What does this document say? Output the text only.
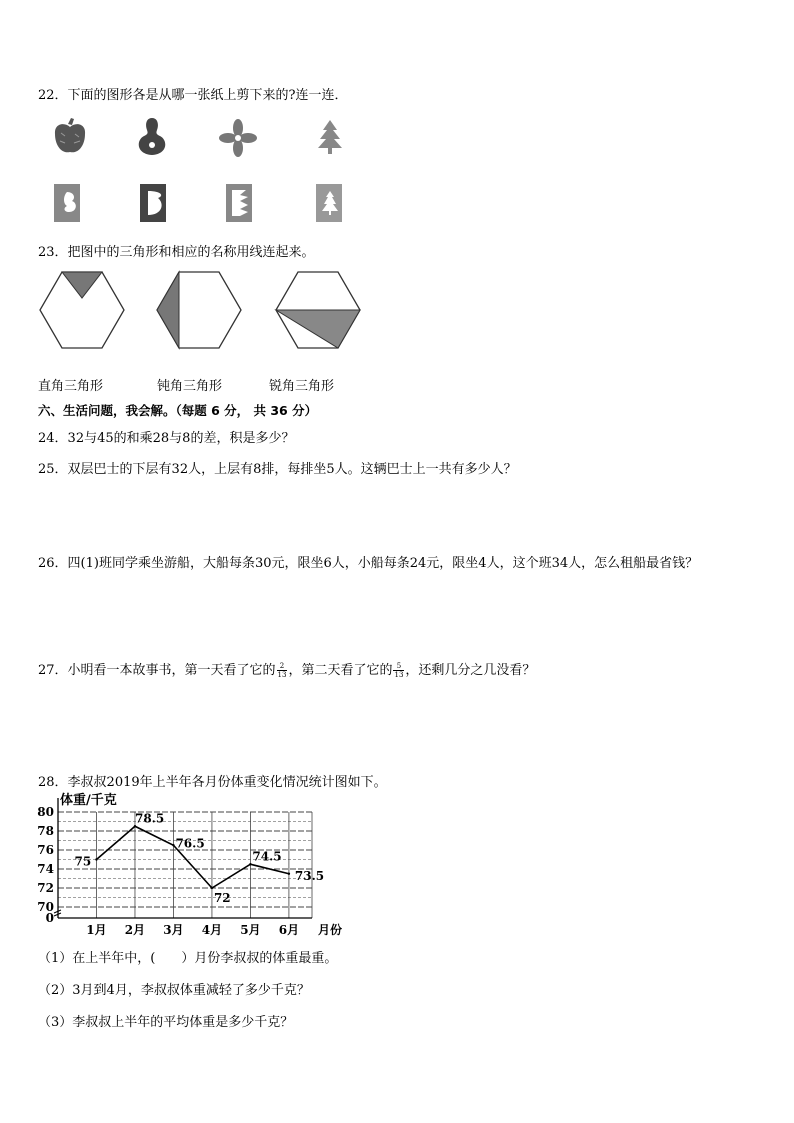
22．下面的图形各是从哪一张纸上剪下来的?连一连．
23．把图中的三角形和相应的名称用线连起来。
直角三角形	钝角三角形	锐角三角形
六、生活问题，我会解。（每题 6 分， 共 36 分）
24．32与45的和乘28与8的差，积是多少？
25．双层巴士的下层有32人，上层有8排，每排坐5人。这辆巴士上一共有多少人？
26．四(1)班同学乘坐游船，大船每条30元，限坐6人，小船每条24元，限坐4人，这个班34人，怎么租船最省钱？
27．小明看一本故事书，第一天看了它的 $\frac{2}{13}$ ，第二天看了它的 $\frac{5}{13}$ ，还剩几分之几没看？
28．李叔叔2019年上半年各月份体重变化情况统计图如下。
体重/千克
80
78
76
74
72
70
0
1月 2月 3月 4月 5月 6月 月份
75
78.5
76.5
72
74.5
73.5
（1）在上半年中，(　　）月份李叔叔的体重最重。
（2）3月到4月，李叔叔体重减轻了多少千克？
（3）李叔叔上半年的平均体重是多少千克？
